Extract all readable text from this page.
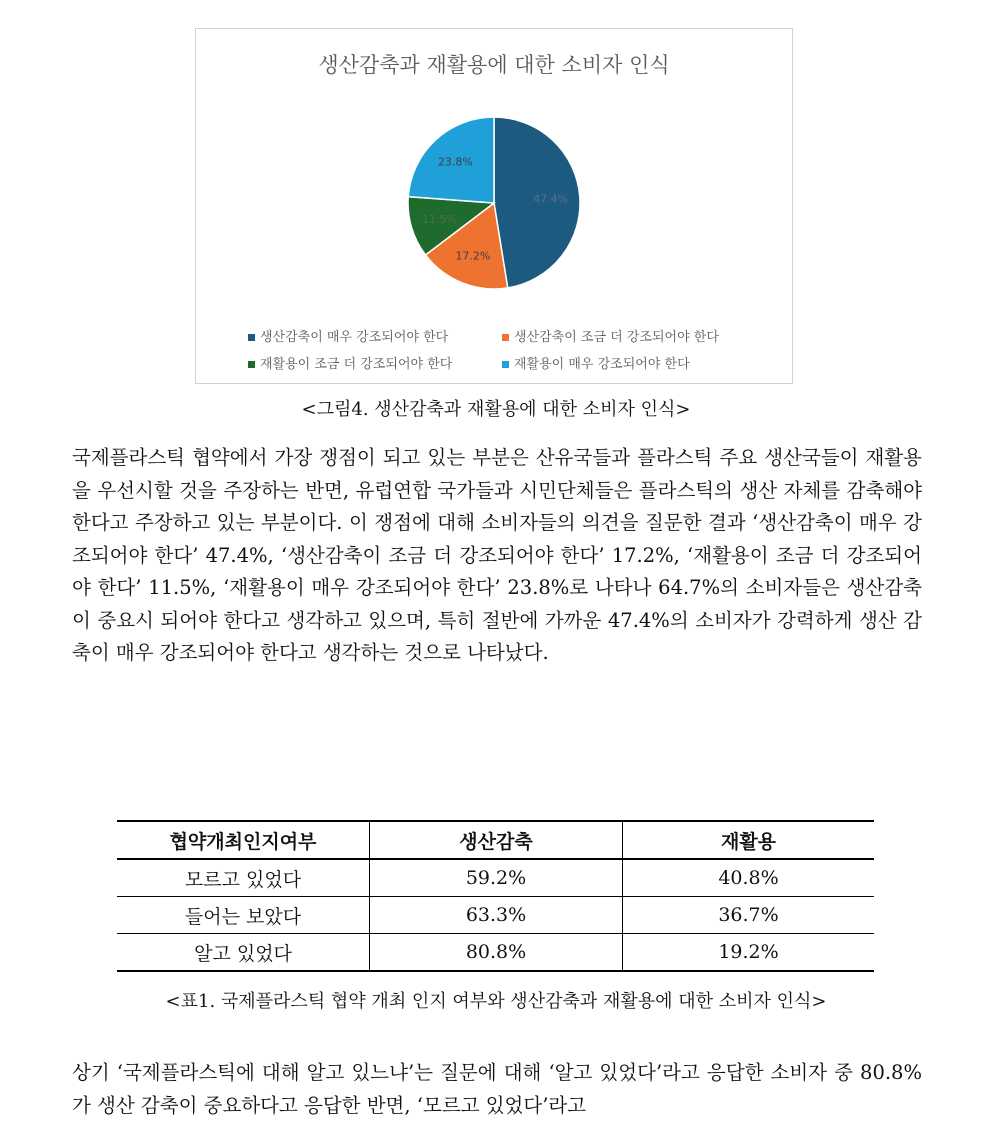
생산감축과 재활용에 대한 소비자 인식
47.4%
17.2%
11.5%
23.8%
생산감축이 매우 강조되어야 한다	생산감축이 조금 더 강조되어야 한다
재활용이 조금 더 강조되어야 한다	재활용이 매우 강조되어야 한다
<그림4. 생산감축과 재활용에 대한 소비자 인식>

국제플라스틱 협약에서 가장 쟁점이 되고 있는 부분은 산유국들과 플라스틱 주요 생산국들이 재활용을 우선시할 것을 주장하는 반면, 유럽연합 국가들과 시민단체들은 플라스틱의 생산 자체를 감축해야 한다고 주장하고 있는 부분이다. 이 쟁점에 대해 소비자들의 의견을 질문한 결과 ‘생산감축이 매우 강조되어야 한다’ 47.4%, ‘생산감축이 조금 더 강조되어야 한다’ 17.2%, ‘재활용이 조금 더 강조되어야 한다’ 11.5%, ‘재활용이 매우 강조되어야 한다’ 23.8%로 나타나 64.7%의 소비자들은 생산감축이 중요시 되어야 한다고 생각하고 있으며, 특히 절반에 가까운 47.4%의 소비자가 강력하게 생산 감축이 매우 강조되어야 한다고 생각하는 것으로 나타났다.

협약개최인지여부	생산감축	재활용
모르고 있었다	59.2%	40.8%
들어는 보았다	63.3%	36.7%
알고 있었다	80.8%	19.2%
<표1. 국제플라스틱 협약 개최 인지 여부와 생산감축과 재활용에 대한 소비자 인식>

상기 ‘국제플라스틱에 대해 알고 있느냐’는 질문에 대해 ‘알고 있었다’라고 응답한 소비자 중 80.8%가 생산 감축이 중요하다고 응답한 반면, ‘모르고 있었다’라고
